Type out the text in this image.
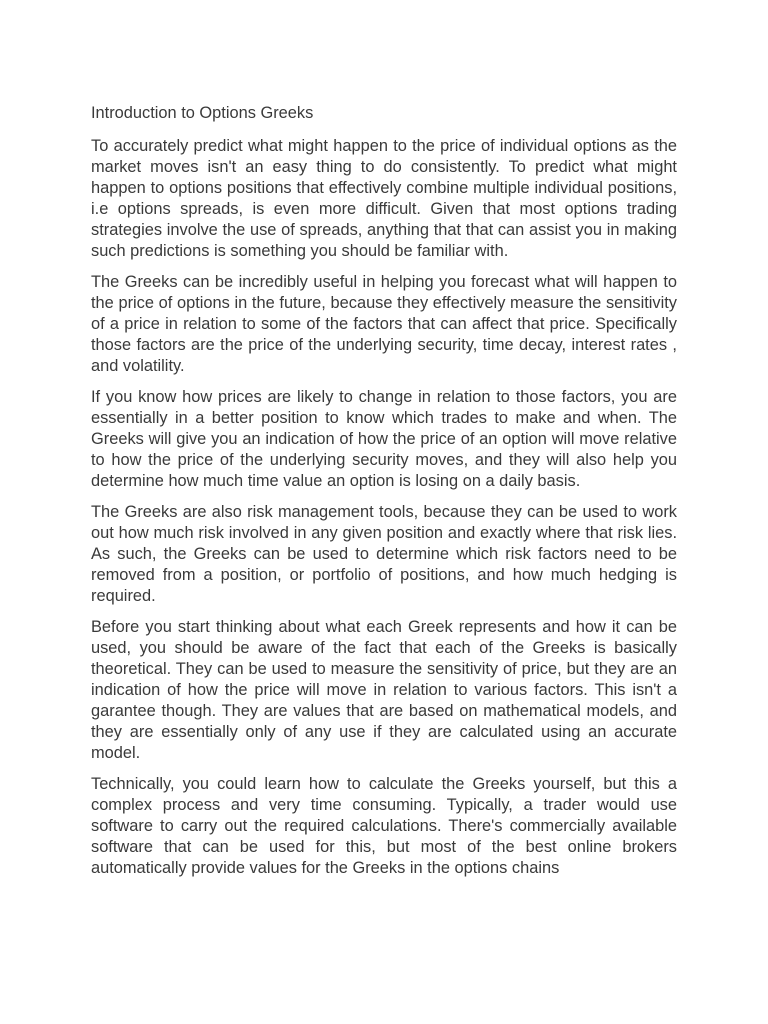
Introduction to Options Greeks

To accurately predict what might happen to the price of individual options as the market moves isn't an easy thing to do consistently. To predict what might happen to options positions that effectively combine multiple individual positions, i.e options spreads, is even more difficult. Given that most options trading strategies involve the use of spreads, anything that that can assist you in making such predictions is something you should be familiar with.

The Greeks can be incredibly useful in helping you forecast what will happen to the price of options in the future, because they effectively measure the sensitivity of a price in relation to some of the factors that can affect that price. Specifically those factors are the price of the underlying security, time decay, interest rates , and volatility.

If you know how prices are likely to change in relation to those factors, you are essentially in a better position to know which trades to make and when. The Greeks will give you an indication of how the price of an option will move relative to how the price of the underlying security moves, and they will also help you determine how much time value an option is losing on a daily basis.

The Greeks are also risk management tools, because they can be used to work out how much risk involved in any given position and exactly where that risk lies. As such, the Greeks can be used to determine which risk factors need to be removed from a position, or portfolio of positions, and how much hedging is required.

Before you start thinking about what each Greek represents and how it can be used, you should be aware of the fact that each of the Greeks is basically theoretical. They can be used to measure the sensitivity of price, but they are an indication of how the price will move in relation to various factors. This isn't a garantee though. They are values that are based on mathematical models, and they are essentially only of any use if they are calculated using an accurate model.

Technically, you could learn how to calculate the Greeks yourself, but this a complex process and very time consuming. Typically, a trader would use software to carry out the required calculations. There's commercially available software that can be used for this, but most of the best online brokers automatically provide values for the Greeks in the options chains
